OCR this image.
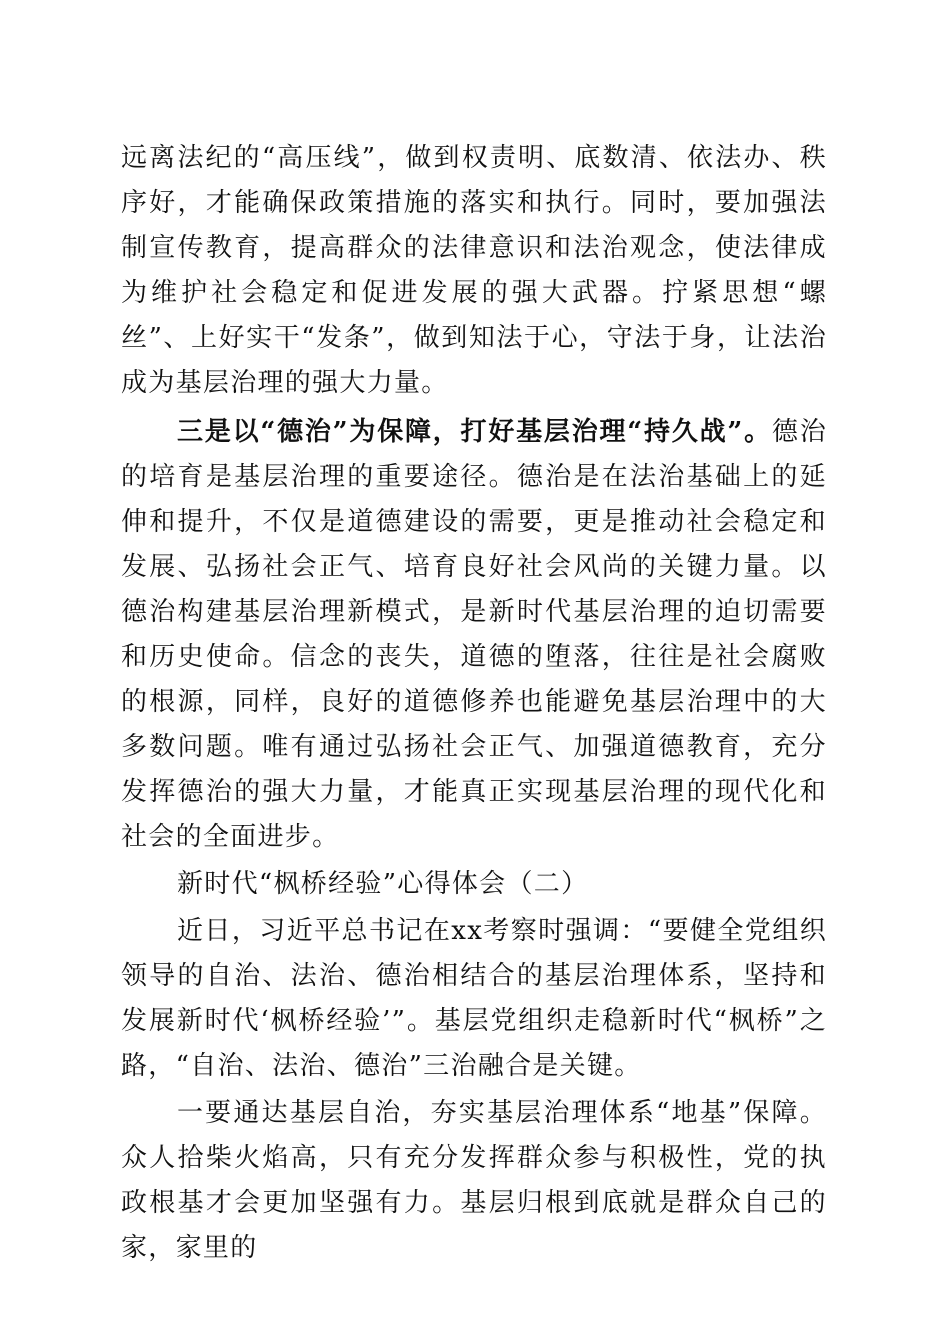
远离法纪的“高压线”，做到权责明、底数清、依法办、秩序好，才能确保政策措施的落实和执行。同时，要加强法制宣传教育，提高群众的法律意识和法治观念，使法律成为维护社会稳定和促进发展的强大武器。拧紧思想“螺丝”、上好实干“发条”，做到知法于心，守法于身，让法治成为基层治理的强大力量。

三是以“德治”为保障，打好基层治理“持久战”。德治的培育是基层治理的重要途径。德治是在法治基础上的延伸和提升，不仅是道德建设的需要，更是推动社会稳定和发展、弘扬社会正气、培育良好社会风尚的关键力量。以德治构建基层治理新模式，是新时代基层治理的迫切需要和历史使命。信念的丧失，道德的堕落，往往是社会腐败的根源，同样，良好的道德修养也能避免基层治理中的大多数问题。唯有通过弘扬社会正气、加强道德教育，充分发挥德治的强大力量，才能真正实现基层治理的现代化和社会的全面进步。

新时代“枫桥经验”心得体会（二）

近日，习近平总书记在xx考察时强调：“要健全党组织领导的自治、法治、德治相结合的基层治理体系，坚持和发展新时代‘枫桥经验’”。基层党组织走稳新时代“枫桥”之路，“自治、法治、德治”三治融合是关键。

一要通达基层自治，夯实基层治理体系“地基”保障。众人拾柴火焰高，只有充分发挥群众参与积极性，党的执政根基才会更加坚强有力。基层归根到底就是群众自己的家，家里的
